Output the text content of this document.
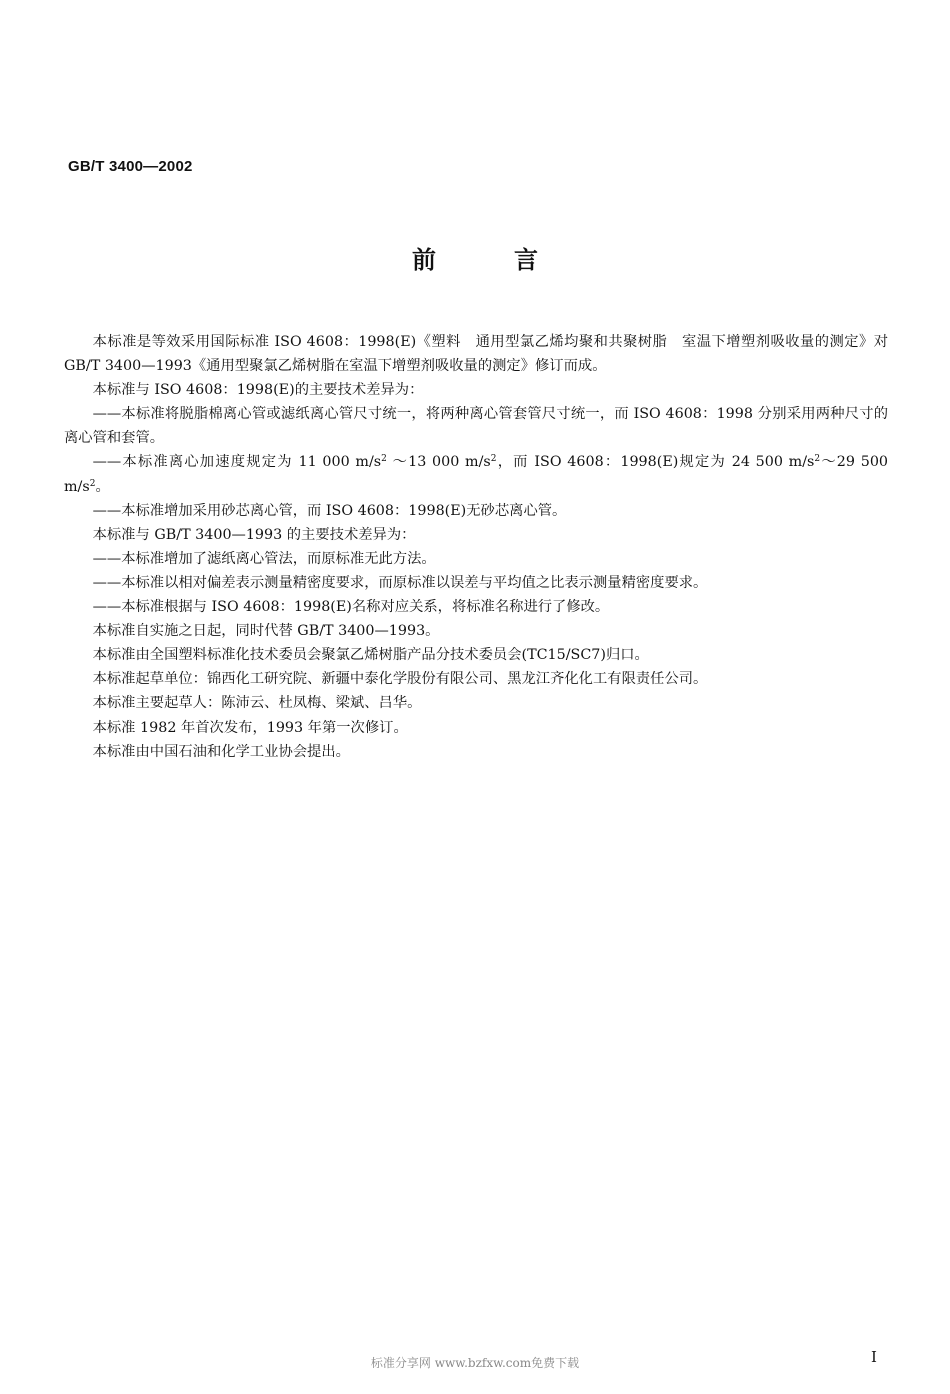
GB/T 3400—2002
前言

本标准是等效采用国际标准 ISO 4608：1998(E)《塑料　通用型氯乙烯均聚和共聚树脂　室温下增塑剂吸收量的测定》对 GB/T 3400—1993《通用型聚氯乙烯树脂在室温下增塑剂吸收量的测定》修订而成。

本标准与 ISO 4608：1998(E)的主要技术差异为：

——本标准将脱脂棉离心管或滤纸离心管尺寸统一，将两种离心管套管尺寸统一，而 ISO 4608：1998 分别采用两种尺寸的离心管和套管。

——本标准离心加速度规定为 11 000 $m/s^2$ ～13 000 $m/s^2$，而 ISO 4608：1998(E)规定为 24 500 $m/s^2\sim 29$ 500 $m/s^2$。

——本标准增加采用砂芯离心管，而 ISO 4608：1998(E)无砂芯离心管。

本标准与 GB/T 3400—1993 的主要技术差异为：

——本标准增加了滤纸离心管法，而原标准无此方法。

——本标准以相对偏差表示测量精密度要求，而原标准以误差与平均值之比表示测量精密度要求。

——本标准根据与 ISO 4608：1998(E)名称对应关系，将标准名称进行了修改。

本标准自实施之日起，同时代替 GB/T 3400—1993。

本标准由全国塑料标准化技术委员会聚氯乙烯树脂产品分技术委员会(TC15/SC7)归口。

本标准起草单位：锦西化工研究院、新疆中泰化学股份有限公司、黑龙江齐化化工有限责任公司。

本标准主要起草人：陈沛云、杜凤梅、梁斌、吕华。

本标准 1982 年首次发布，1993 年第一次修订。

本标准由中国石油和化学工业协会提出。

标准分享网 www.bzfxw.com免费下载	I
